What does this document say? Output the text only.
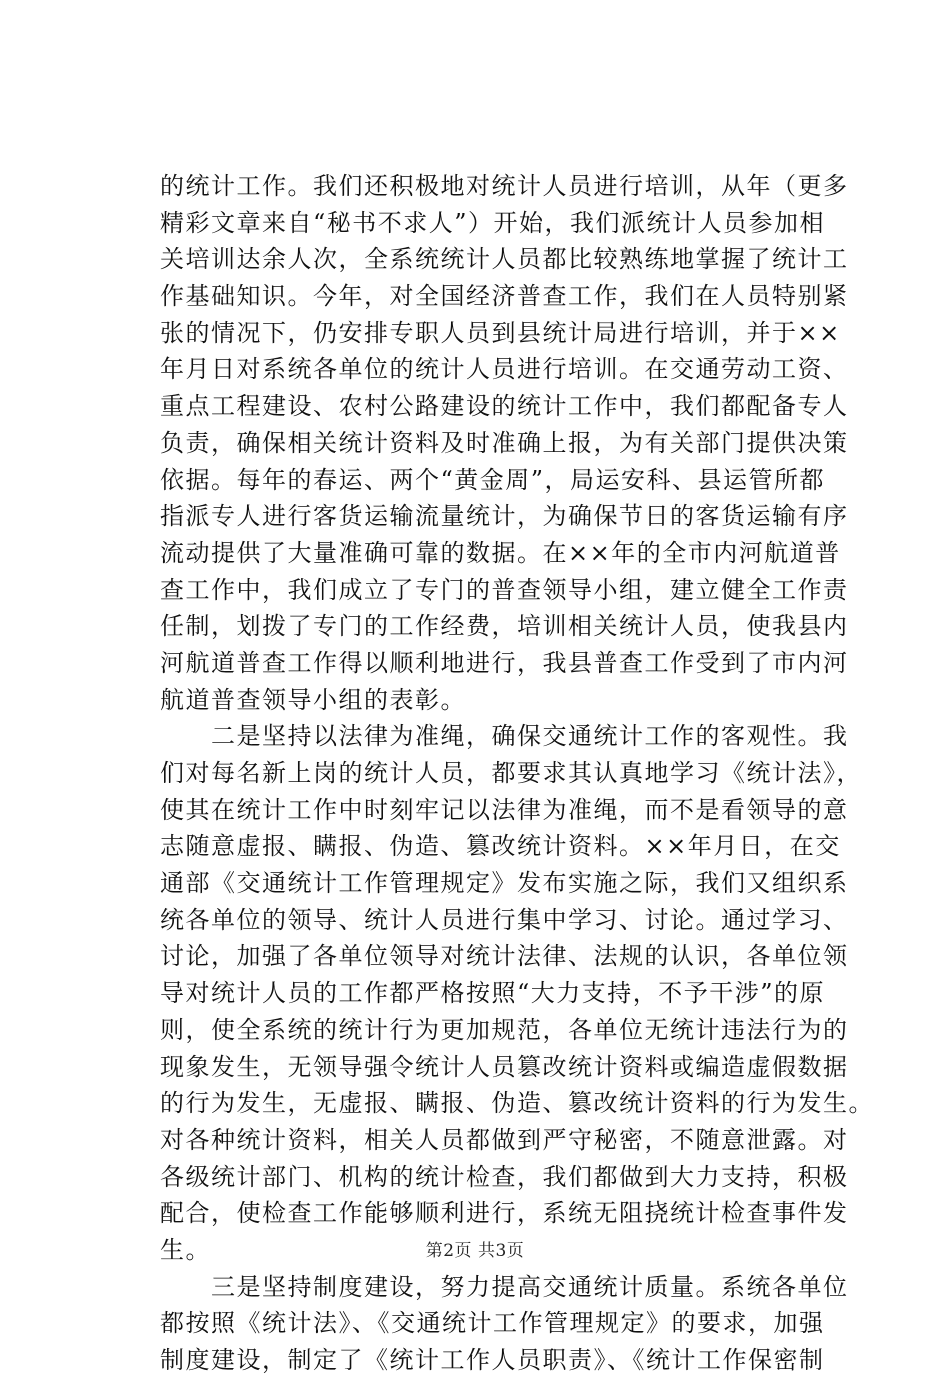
的统计工作。我们还积极地对统计人员进行培训，从年（更多
精彩文章来自“秘书不求人”）开始，我们派统计人员参加相
关培训达余人次，全系统统计人员都比较熟练地掌握了统计工
作基础知识。今年，对全国经济普查工作，我们在人员特别紧
张的情况下，仍安排专职人员到县统计局进行培训，并于××
年月日对系统各单位的统计人员进行培训。在交通劳动工资、
重点工程建设、农村公路建设的统计工作中，我们都配备专人
负责，确保相关统计资料及时准确上报，为有关部门提供决策
依据。每年的春运、两个“黄金周”，局运安科、县运管所都
指派专人进行客货运输流量统计，为确保节日的客货运输有序
流动提供了大量准确可靠的数据。在××年的全市内河航道普
查工作中，我们成立了专门的普查领导小组，建立健全工作责
任制，划拨了专门的工作经费，培训相关统计人员，使我县内
河航道普查工作得以顺利地进行，我县普查工作受到了市内河
航道普查领导小组的表彰。
　　二是坚持以法律为准绳，确保交通统计工作的客观性。我
们对每名新上岗的统计人员，都要求其认真地学习《统计法》，
使其在统计工作中时刻牢记以法律为准绳，而不是看领导的意
志随意虚报、瞒报、伪造、篡改统计资料。××年月日，在交
通部《交通统计工作管理规定》发布实施之际，我们又组织系
统各单位的领导、统计人员进行集中学习、讨论。通过学习、
讨论，加强了各单位领导对统计法律、法规的认识，各单位领
导对统计人员的工作都严格按照“大力支持，不予干涉”的原
则，使全系统的统计行为更加规范，各单位无统计违法行为的
现象发生，无领导强令统计人员篡改统计资料或编造虚假数据
的行为发生，无虚报、瞒报、伪造、篡改统计资料的行为发生。
对各种统计资料，相关人员都做到严守秘密，不随意泄露。对
各级统计部门、机构的统计检查，我们都做到大力支持，积极
配合，使检查工作能够顺利进行，系统无阻挠统计检查事件发
生。
　　三是坚持制度建设，努力提高交通统计质量。系统各单位
都按照《统计法》、《交通统计工作管理规定》的要求，加强
制度建设，制定了《统计工作人员职责》、《统计工作保密制
第2页 共3页
